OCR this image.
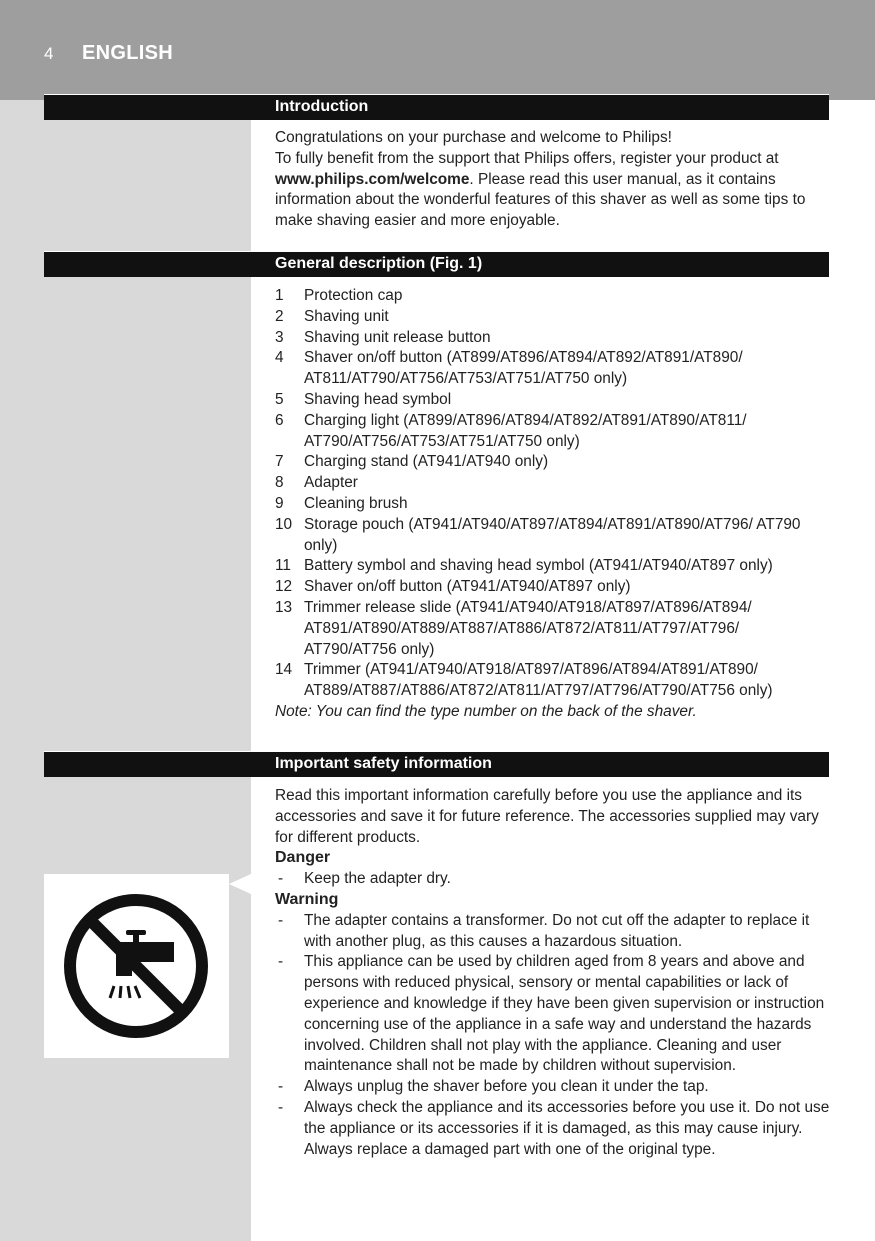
4 ENGLISH
Introduction

Congratulations on your purchase and welcome to Philips!

To fully benefit from the support that Philips offers, register your product at www.philips.com/welcome. Please read this user manual, as it contains information about the wonderful features of this shaver as well as some tips to make shaving easier and more enjoyable.

General description (Fig. 1)
1 Protection cap
2 Shaving unit
3 Shaving unit release button
4 Shaver on/off button (AT899/AT896/AT894/AT892/AT891/AT890/ AT811/AT790/AT756/AT753/AT751/AT750 only)
5 Shaving head symbol
6 Charging light (AT899/AT896/AT894/AT892/AT891/AT890/AT811/ AT790/AT756/AT753/AT751/AT750 only)
7 Charging stand (AT941/AT940 only)
8 Adapter
9 Cleaning brush
10 Storage pouch (AT941/AT940/AT897/AT894/AT891/AT890/AT796/ AT790 only)
11 Battery symbol and shaving head symbol (AT941/AT940/AT897 only)
12 Shaver on/off button (AT941/AT940/AT897 only)
13 Trimmer release slide (AT941/AT940/AT918/AT897/AT896/AT894/ AT891/AT890/AT889/AT887/AT886/AT872/AT811/AT797/AT796/ AT790/AT756 only)
14 Trimmer (AT941/AT940/AT918/AT897/AT896/AT894/AT891/AT890/ AT889/AT887/AT886/AT872/AT811/AT797/AT796/AT790/AT756 only)

Note: You can find the type number on the back of the shaver.

Important safety information

Read this important information carefully before you use the appliance and its accessories and save it for future reference. The accessories supplied may vary for different products.

Danger

- Keep the adapter dry.

Warning

- The adapter contains a transformer. Do not cut off the adapter to replace it with another plug, as this causes a hazardous situation.
- This appliance can be used by children aged from 8 years and above and persons with reduced physical, sensory or mental capabilities or lack of experience and knowledge if they have been given supervision or instruction concerning use of the appliance in a safe way and understand the hazards involved. Children shall not play with the appliance. Cleaning and user maintenance shall not be made by children without supervision.
- Always unplug the shaver before you clean it under the tap.
- Always check the appliance and its accessories before you use it. Do not use the appliance or its accessories if it is damaged, as this may cause injury. Always replace a damaged part with one of the original type.
